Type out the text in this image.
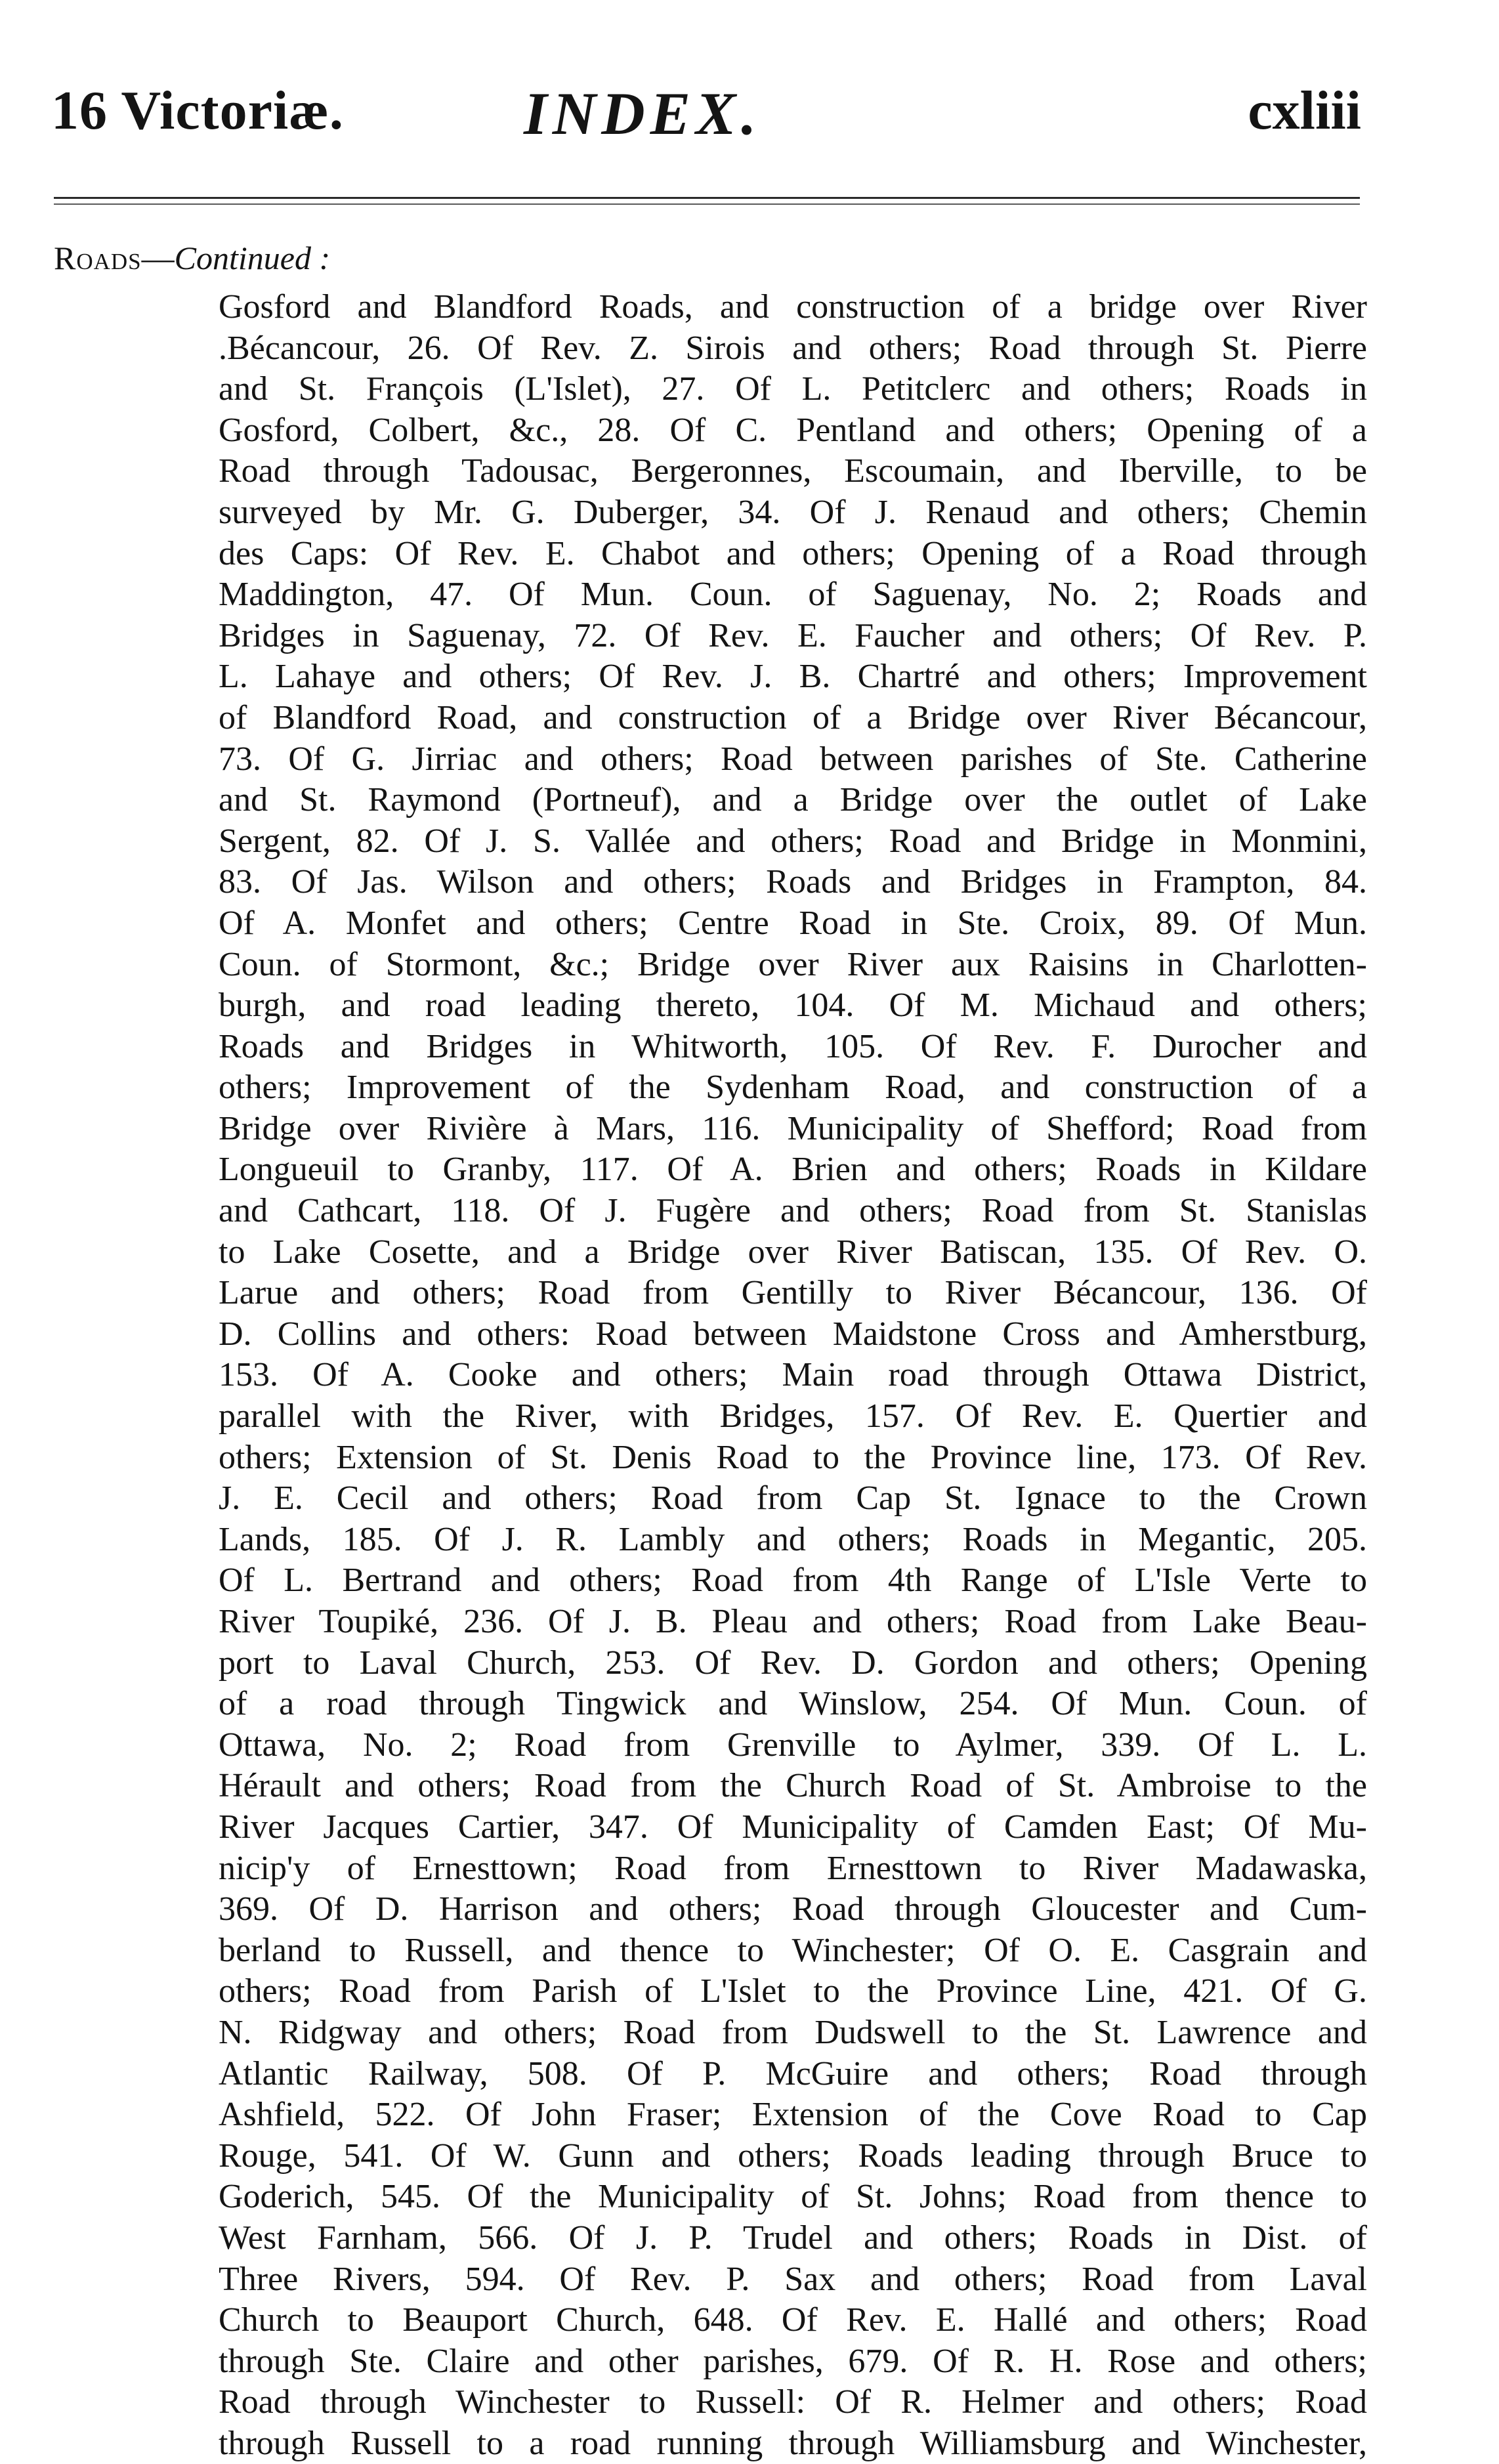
16 Victoriæ.	INDEX.	cxliii
Roads—Continued :
Gosford and Blandford Roads, and construction of a bridge over River
.Bécancour, 26. Of Rev. Z. Sirois and others; Road through St. Pierre
and St. François (L'Islet), 27. Of L. Petitclerc and others; Roads in
Gosford, Colbert, &c., 28. Of C. Pentland and others; Opening of a
Road through Tadousac, Bergeronnes, Escoumain, and Iberville, to be
surveyed by Mr. G. Duberger, 34. Of J. Renaud and others; Chemin
des Caps: Of Rev. E. Chabot and others; Opening of a Road through
Maddington, 47. Of Mun. Coun. of Saguenay, No. 2; Roads and
Bridges in Saguenay, 72. Of Rev. E. Faucher and others; Of Rev. P.
L. Lahaye and others; Of Rev. J. B. Chartré and others; Improvement
of Blandford Road, and construction of a Bridge over River Bécancour,
73. Of G. Jirriac and others; Road between parishes of Ste. Catherine
and St. Raymond (Portneuf), and a Bridge over the outlet of Lake
Sergent, 82. Of J. S. Vallée and others; Road and Bridge in Monmini,
83. Of Jas. Wilson and others; Roads and Bridges in Frampton, 84.
Of A. Monfet and others; Centre Road in Ste. Croix, 89. Of Mun.
Coun. of Stormont, &c.; Bridge over River aux Raisins in Charlotten-
burgh, and road leading thereto, 104. Of M. Michaud and others;
Roads and Bridges in Whitworth, 105. Of Rev. F. Durocher and
others; Improvement of the Sydenham Road, and construction of a
Bridge over Rivière à Mars, 116. Municipality of Shefford; Road from
Longueuil to Granby, 117. Of A. Brien and others; Roads in Kildare
and Cathcart, 118. Of J. Fugère and others; Road from St. Stanislas
to Lake Cosette, and a Bridge over River Batiscan, 135. Of Rev. O.
Larue and others; Road from Gentilly to River Bécancour, 136. Of
D. Collins and others: Road between Maidstone Cross and Amherstburg,
153. Of A. Cooke and others; Main road through Ottawa District,
parallel with the River, with Bridges, 157. Of Rev. E. Quertier and
others; Extension of St. Denis Road to the Province line, 173. Of Rev.
J. E. Cecil and others; Road from Cap St. Ignace to the Crown
Lands, 185. Of J. R. Lambly and others; Roads in Megantic, 205.
Of L. Bertrand and others; Road from 4th Range of L'Isle Verte to
River Toupiké, 236. Of J. B. Pleau and others; Road from Lake Beau-
port to Laval Church, 253. Of Rev. D. Gordon and others; Opening
of a road through Tingwick and Winslow, 254. Of Mun. Coun. of
Ottawa, No. 2; Road from Grenville to Aylmer, 339. Of L. L.
Hérault and others; Road from the Church Road of St. Ambroise to the
River Jacques Cartier, 347. Of Municipality of Camden East; Of Mu-
nicip'y of Ernesttown; Road from Ernesttown to River Madawaska,
369. Of D. Harrison and others; Road through Gloucester and Cum-
berland to Russell, and thence to Winchester; Of O. E. Casgrain and
others; Road from Parish of L'Islet to the Province Line, 421. Of G.
N. Ridgway and others; Road from Dudswell to the St. Lawrence and
Atlantic Railway, 508. Of P. McGuire and others; Road through
Ashfield, 522. Of John Fraser; Extension of the Cove Road to Cap
Rouge, 541. Of W. Gunn and others; Roads leading through Bruce to
Goderich, 545. Of the Municipality of St. Johns; Road from thence to
West Farnham, 566. Of J. P. Trudel and others; Roads in Dist. of
Three Rivers, 594. Of Rev. P. Sax and others; Road from Laval
Church to Beauport Church, 648. Of Rev. E. Hallé and others; Road
through Ste. Claire and other parishes, 679. Of R. H. Rose and others;
Road through Winchester to Russell: Of R. Helmer and others; Road
through Russell to a road running through Williamsburg and Winchester,
